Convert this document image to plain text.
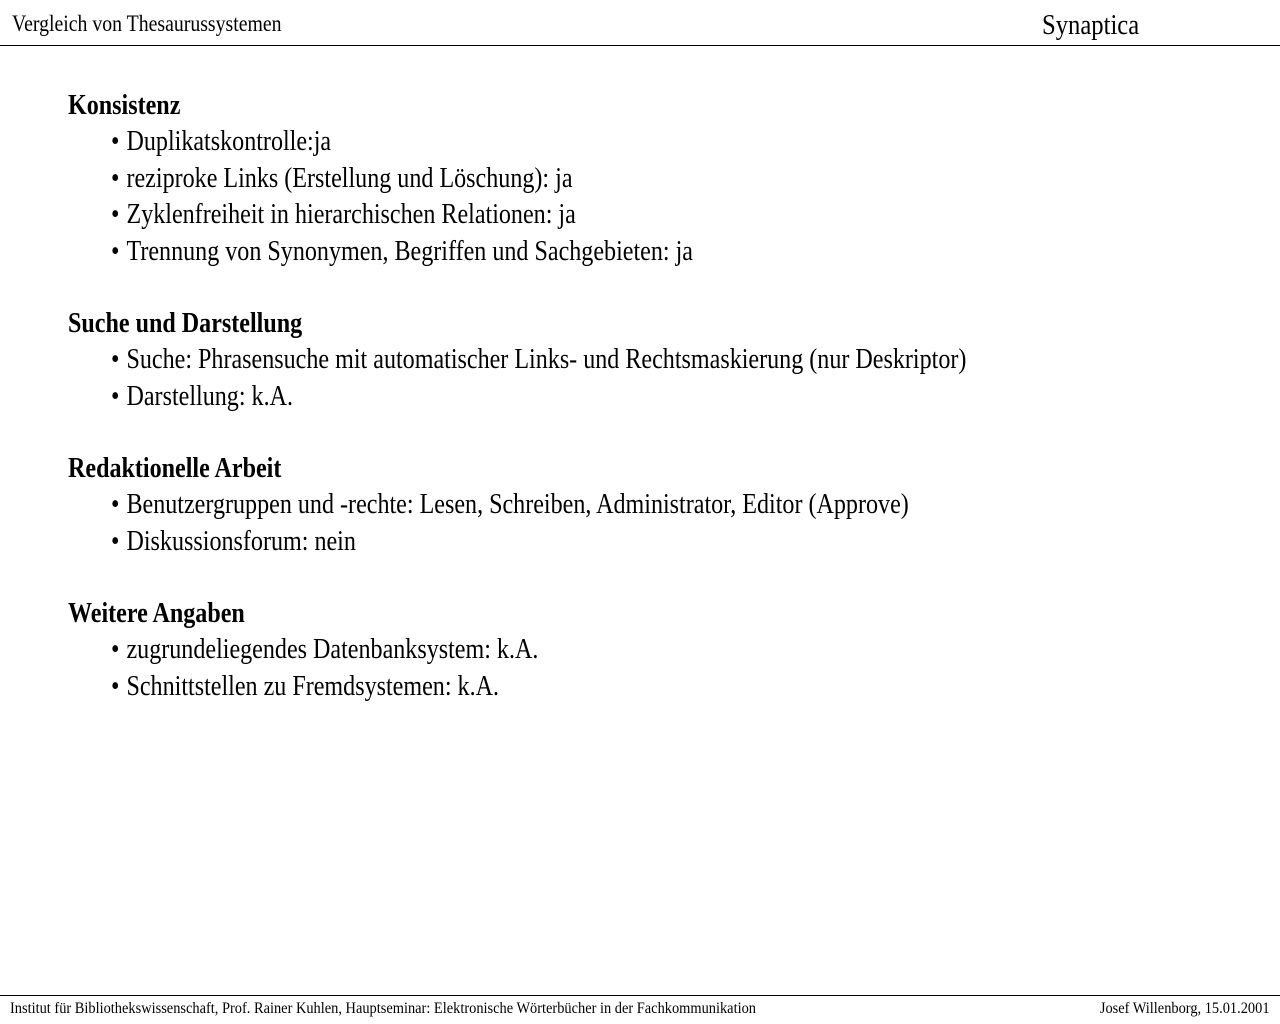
Vergleich von Thesaurussystemen	Synaptica
Konsistenz
• Duplikatskontrolle:ja
• reziproke Links (Erstellung und Löschung): ja
• Zyklenfreiheit in hierarchischen Relationen: ja
• Trennung von Synonymen, Begriffen und Sachgebieten: ja
Suche und Darstellung
• Suche: Phrasensuche mit automatischer Links- und Rechtsmaskierung (nur Deskriptor)
• Darstellung: k.A.
Redaktionelle Arbeit
• Benutzergruppen und -rechte: Lesen, Schreiben, Administrator, Editor (Approve)
• Diskussionsforum: nein
Weitere Angaben
• zugrundeliegendes Datenbanksystem: k.A.
• Schnittstellen zu Fremdsystemen: k.A.
Institut für Bibliothekswissenschaft, Prof. Rainer Kuhlen, Hauptseminar: Elektronische Wörterbücher in der Fachkommunikation	Josef Willenborg, 15.01.2001
